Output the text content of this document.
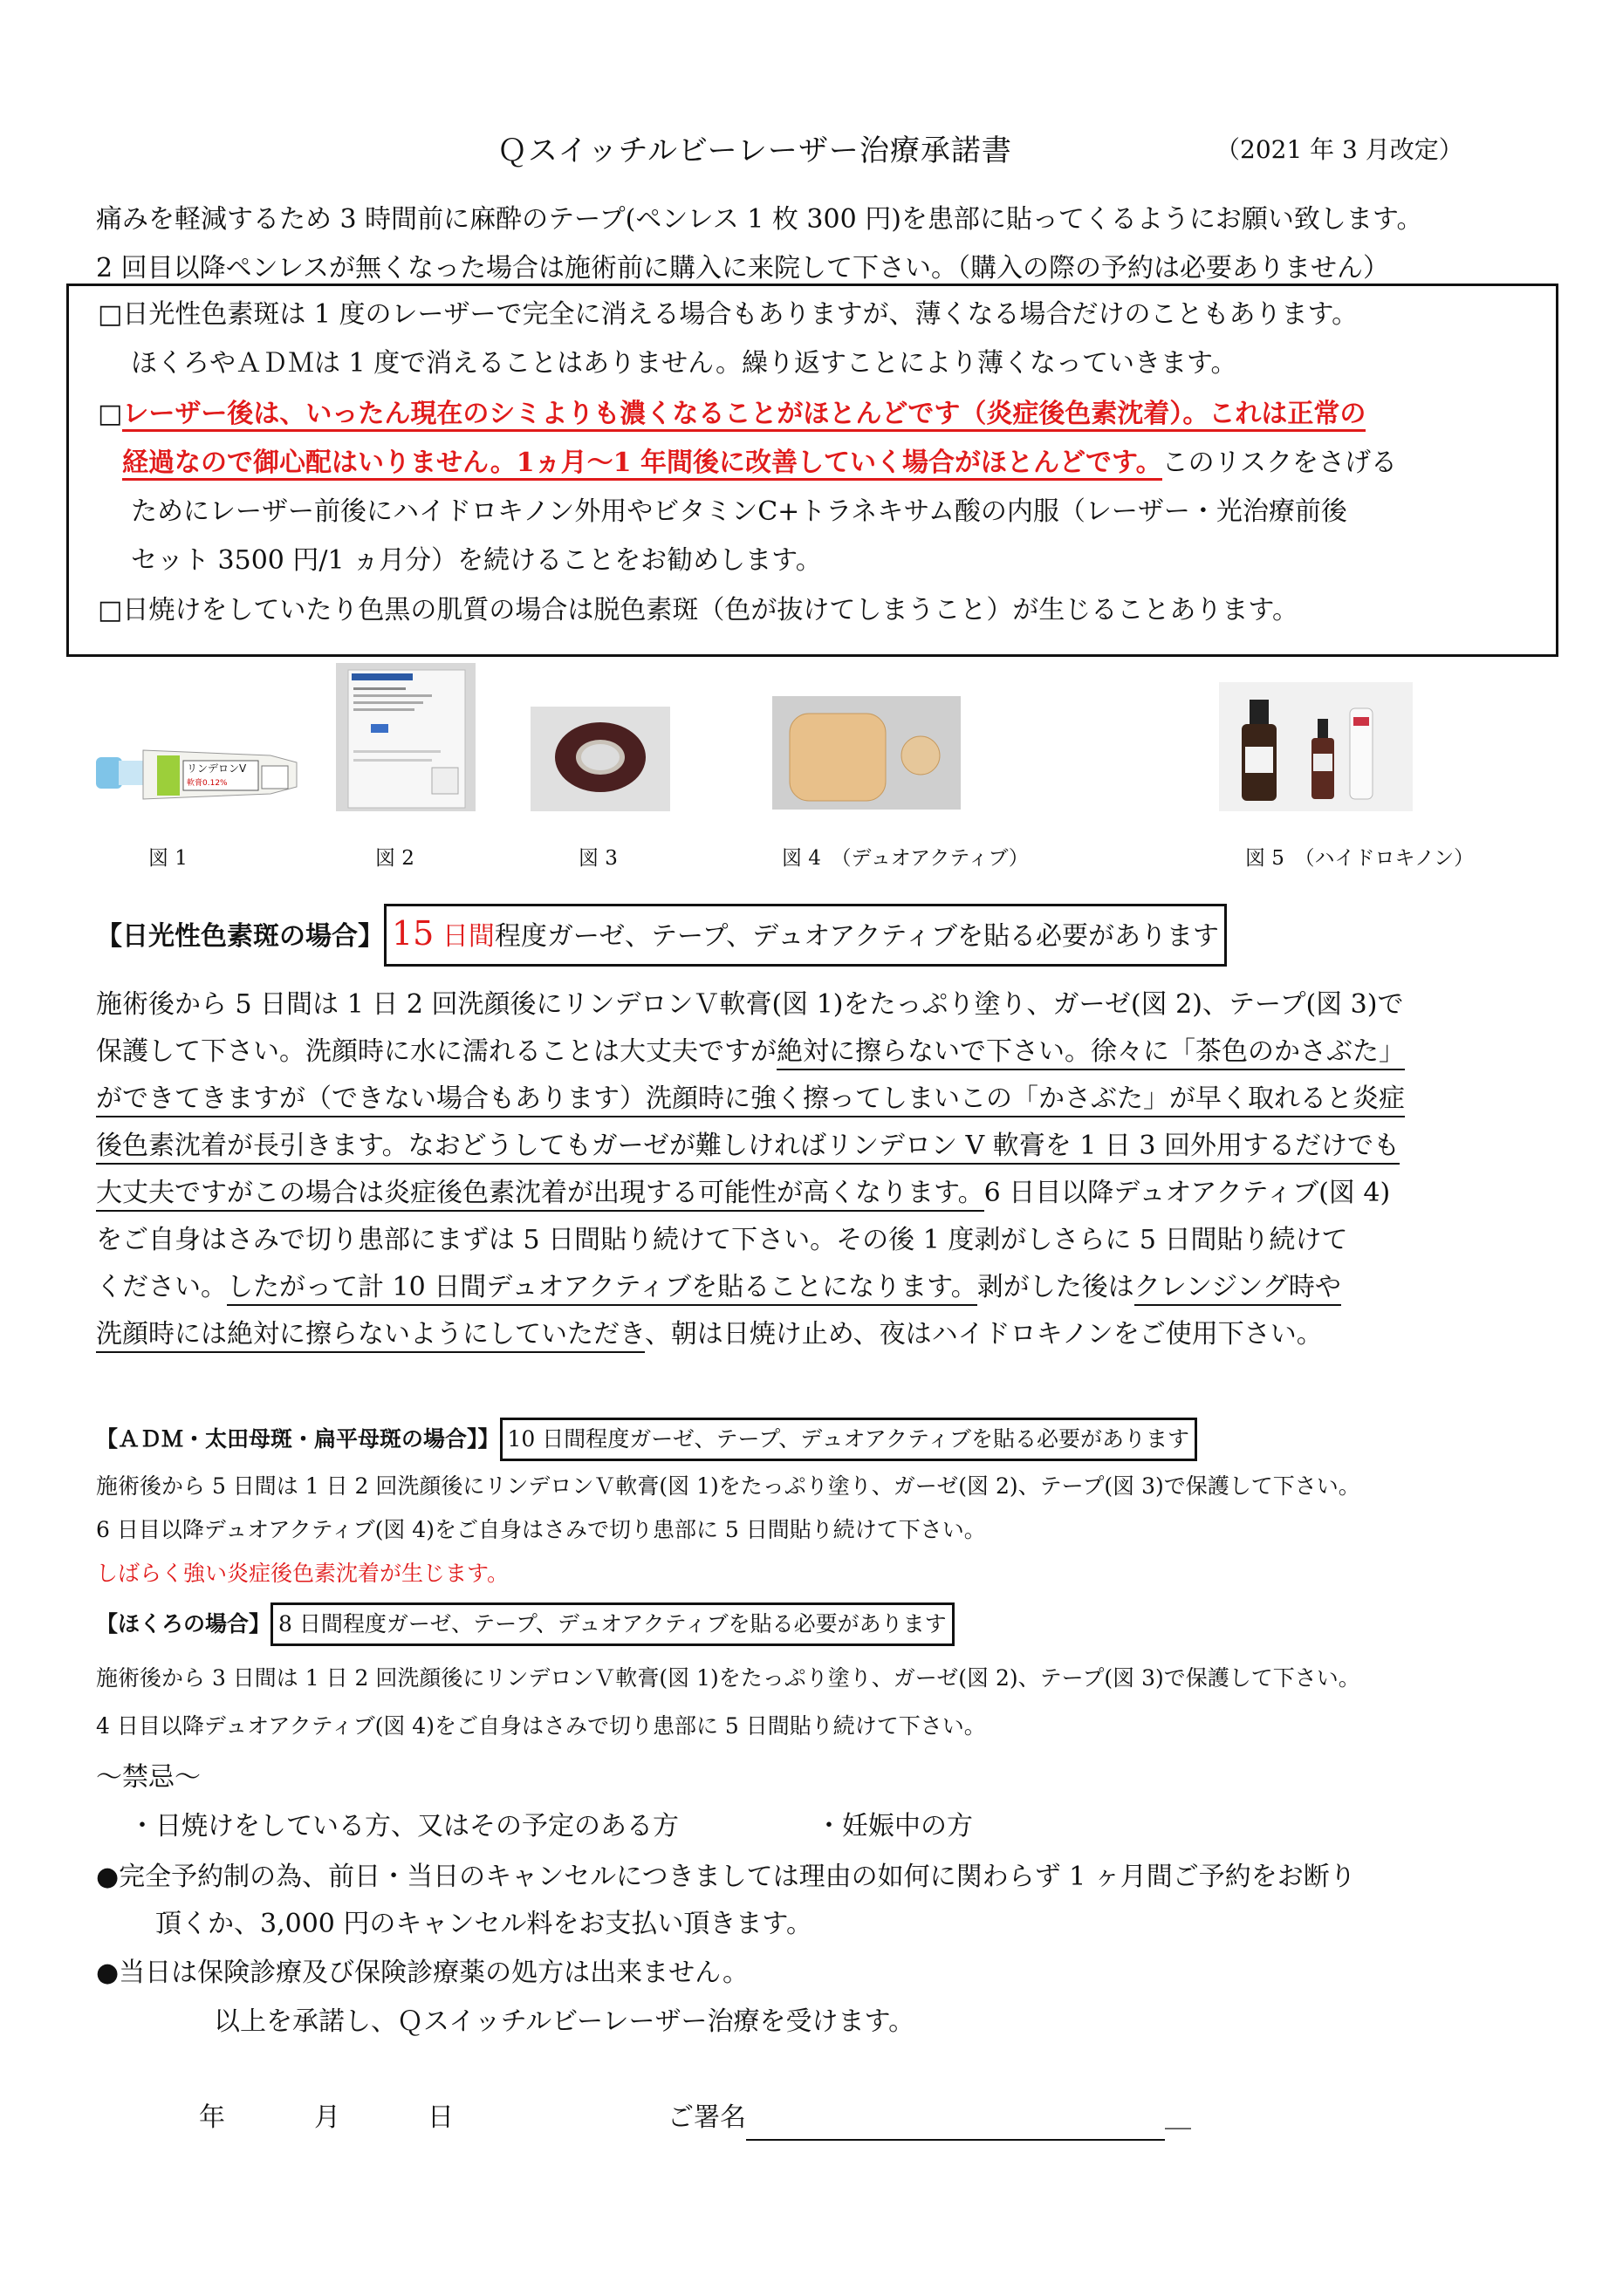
Ｑスイッチルビーレーザー治療承諾書	（2021 年 3 月改定）
痛みを軽減するため 3 時間前に麻酔のテープ(ペンレス 1 枚 300 円)を患部に貼ってくるようにお願い致します。
2 回目以降ペンレスが無くなった場合は施術前に購入に来院して下さい。（購入の際の予約は必要ありません）
□日光性色素斑は 1 度のレーザーで完全に消える場合もありますが、薄くなる場合だけのこともあります。
ほくろやＡＤＭは 1 度で消えることはありません。繰り返すことにより薄くなっていきます。
□レーザー後は、いったん現在のシミよりも濃くなることがほとんどです（炎症後色素沈着）。これは正常の
経過なので御心配はいりません。1ヵ月〜1 年間後に改善していく場合がほとんどです。このリスクをさげる
ためにレーザー前後にハイドロキノン外用やビタミンC+トラネキサム酸の内服（レーザー・光治療前後
セット 3500 円/1 ヵ月分）を続けることをお勧めします。
□日焼けをしていたり色黒の肌質の場合は脱色素斑（色が抜けてしまうこと）が生じることあります。
リンデロンV
軟膏0.12%
図 1	図 2	図 3	図 4　（デュオアクティブ）	図 5　（ハイドロキノン）
【日光性色素斑の場合】 15 日間程度ガーゼ、テープ、デュオアクティブを貼る必要があります
施術後から 5 日間は 1 日 2 回洗顔後にリンデロンＶ軟膏(図 1)をたっぷり塗り、ガーゼ(図 2)、テープ(図 3)で
保護して下さい。洗顔時に水に濡れることは大丈夫ですが絶対に擦らないで下さい。徐々に「茶色のかさぶた」
ができてきますが（できない場合もあります）洗顔時に強く擦ってしまいこの「かさぶた」が早く取れると炎症
後色素沈着が長引きます。なおどうしてもガーゼが難しければリンデロン V 軟膏を 1 日 3 回外用するだけでも
大丈夫ですがこの場合は炎症後色素沈着が出現する可能性が高くなります。6 日目以降デュオアクティブ(図 4)
をご自身はさみで切り患部にまずは 5 日間貼り続けて下さい。その後 1 度剥がしさらに 5 日間貼り続けて
ください。したがって計 10 日間デュオアクティブを貼ることになります。剥がした後はクレンジング時や
洗顔時には絶対に擦らないようにしていただき、朝は日焼け止め、夜はハイドロキノンをご使用下さい。
【ＡＤＭ・太田母斑・扁平母斑の場合】】 10 日間程度ガーゼ、テープ、デュオアクティブを貼る必要があります
施術後から 5 日間は 1 日 2 回洗顔後にリンデロンＶ軟膏(図 1)をたっぷり塗り、ガーゼ(図 2)、テープ(図 3)で保護して下さい。
6 日目以降デュオアクティブ(図 4)をご自身はさみで切り患部に 5 日間貼り続けて下さい。
しばらく強い炎症後色素沈着が生じます。
【ほくろの場合】 8 日間程度ガーゼ、テープ、デュオアクティブを貼る必要があります
施術後から 3 日間は 1 日 2 回洗顔後にリンデロンＶ軟膏(図 1)をたっぷり塗り、ガーゼ(図 2)、テープ(図 3)で保護して下さい。
4 日目以降デュオアクティブ(図 4)をご自身はさみで切り患部に 5 日間貼り続けて下さい。
〜禁忌〜
・日焼けをしている方、又はその予定のある方	・妊娠中の方
●完全予約制の為、前日・当日のキャンセルにつきましては理由の如何に関わらず 1 ヶ月間ご予約をお断り
頂くか、3,000 円のキャンセル料をお支払い頂きます。
●当日は保険診療及び保険診療薬の処方は出来ません。
以上を承諾し、Ｑスイッチルビーレーザー治療を受けます。
年	月	日	ご署名	＿
